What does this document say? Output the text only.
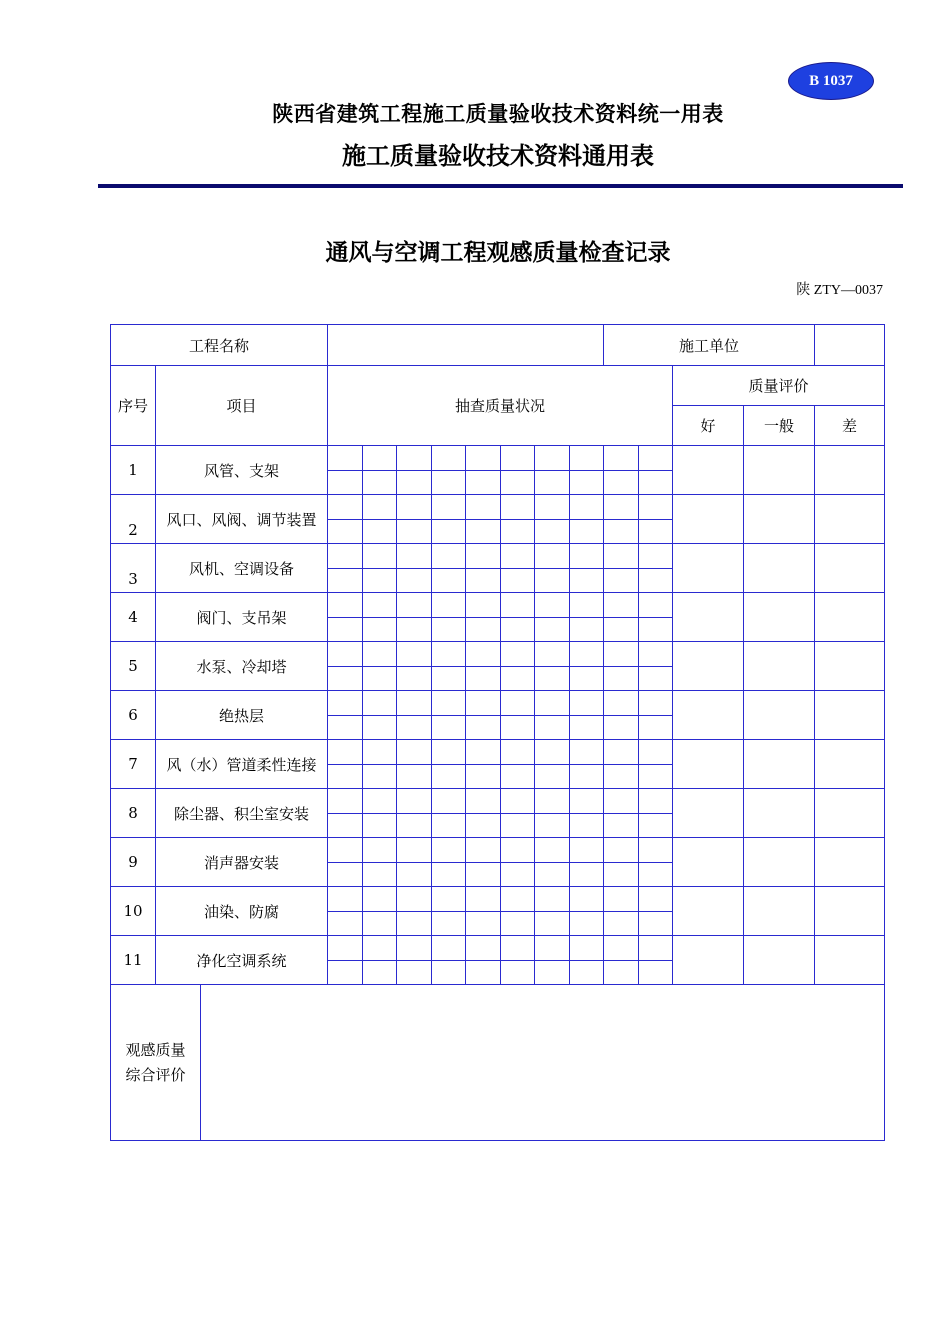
B 1037
陕西省建筑工程施工质量验收技术资料统一用表
施工质量验收技术资料通用表
通风与空调工程观感质量检查记录
陕 ZTY—0037
工程名称											施工单位				
序号	项目		抽查质量状况										质量评价		
													好	一般	差
1	风管、支架														

2	风口、风阀、调节装置														

3	风机、空调设备														

4	阀门、支吊架														

5	水泵、冷却塔														

6	绝热层														

7	风（水）管道柔性连接														

8	除尘器、积尘室安装														

9	消声器安装														

10	油染、防腐														

11	净化空调系统														

观感质量
综合评价															
